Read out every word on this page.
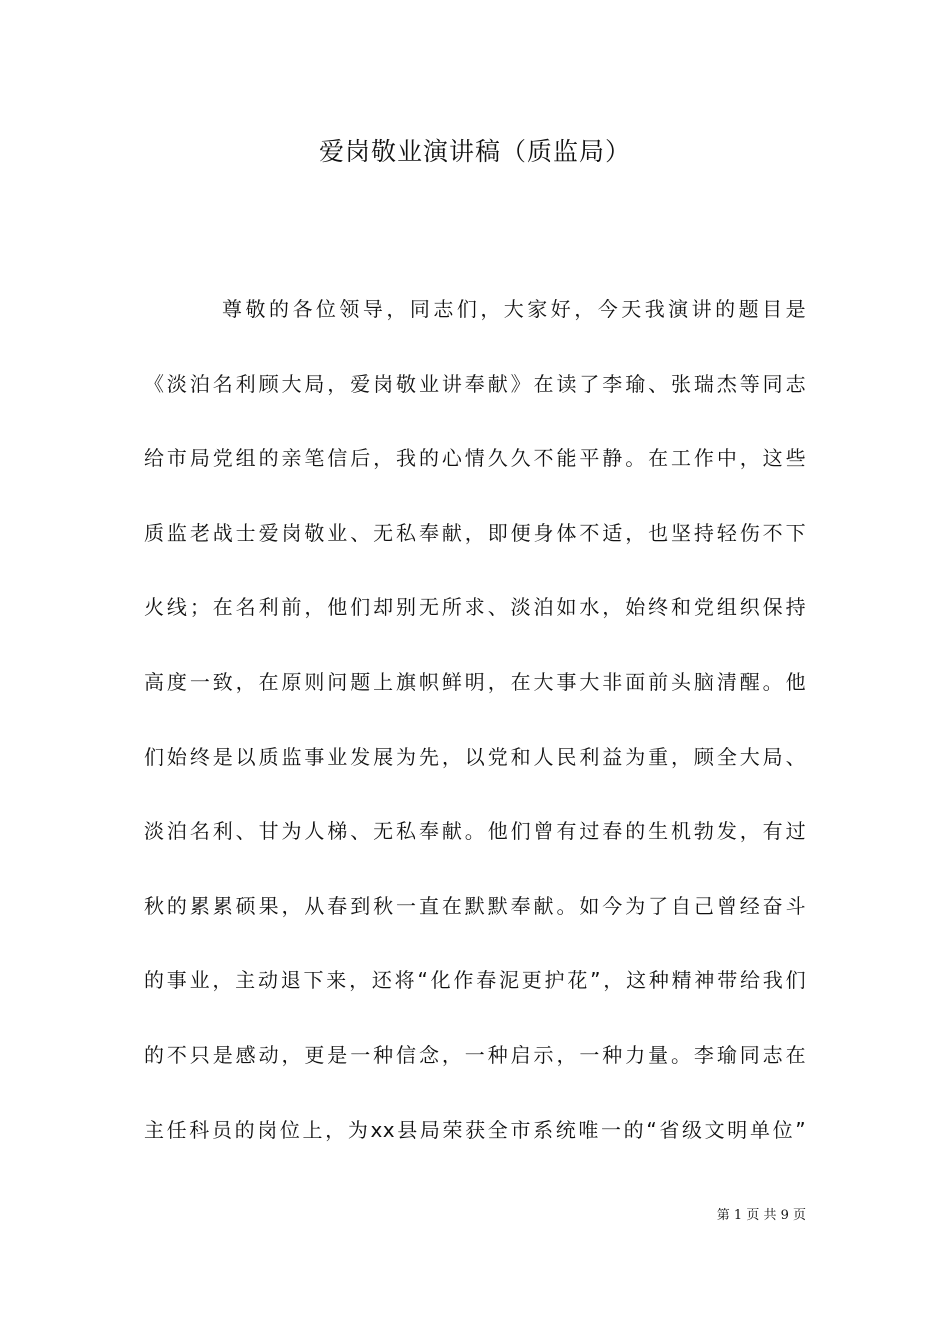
爱岗敬业演讲稿（质监局）
尊敬的各位领导，同志们，大家好，今天我演讲的题目是
《淡泊名利顾大局，爱岗敬业讲奉献》在读了李瑜、张瑞杰等同志
给市局党组的亲笔信后，我的心情久久不能平静。在工作中，这些
质监老战士爱岗敬业、无私奉献，即便身体不适，也坚持轻伤不下
火线；在名利前，他们却别无所求、淡泊如水，始终和党组织保持
高度一致，在原则问题上旗帜鲜明，在大事大非面前头脑清醒。他
们始终是以质监事业发展为先，以党和人民利益为重，顾全大局、
淡泊名利、甘为人梯、无私奉献。他们曾有过春的生机勃发，有过
秋的累累硕果，从春到秋一直在默默奉献。如今为了自己曾经奋斗
的事业，主动退下来，还将“化作春泥更护花”，这种精神带给我们
的不只是感动，更是一种信念，一种启示，一种力量。李瑜同志在
主任科员的岗位上，为xx县局荣获全市系统唯一的“省级文明单位”
第 1 页 共 9 页
